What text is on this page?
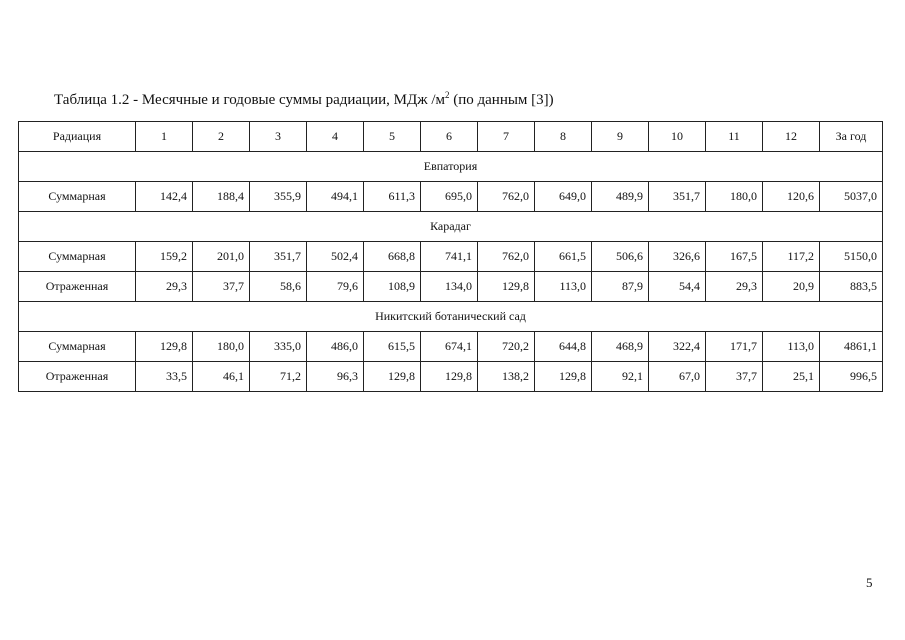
Таблица 1.2 - Месячные и годовые суммы радиации, МДж $/м^2$ (по данным [3])
Радиация	1	2	3	4	5	6	7	8	9	10	11	12	За год
Евпатория													
Суммарная	142,4	188,4	355,9	494,1	611,3	695,0	762,0	649,0	489,9	351,7	180,0	120,6	5037,0
Карадаг													
Суммарная	159,2	201,0	351,7	502,4	668,8	741,1	762,0	661,5	506,6	326,6	167,5	117,2	5150,0
Отраженная	29,3	37,7	58,6	79,6	108,9	134,0	129,8	113,0	87,9	54,4	29,3	20,9	883,5
Никитский ботанический сад													
Суммарная	129,8	180,0	335,0	486,0	615,5	674,1	720,2	644,8	468,9	322,4	171,7	113,0	4861,1
Отраженная	33,5	46,1	71,2	96,3	129,8	129,8	138,2	129,8	92,1	67,0	37,7	25,1	996,5
5
